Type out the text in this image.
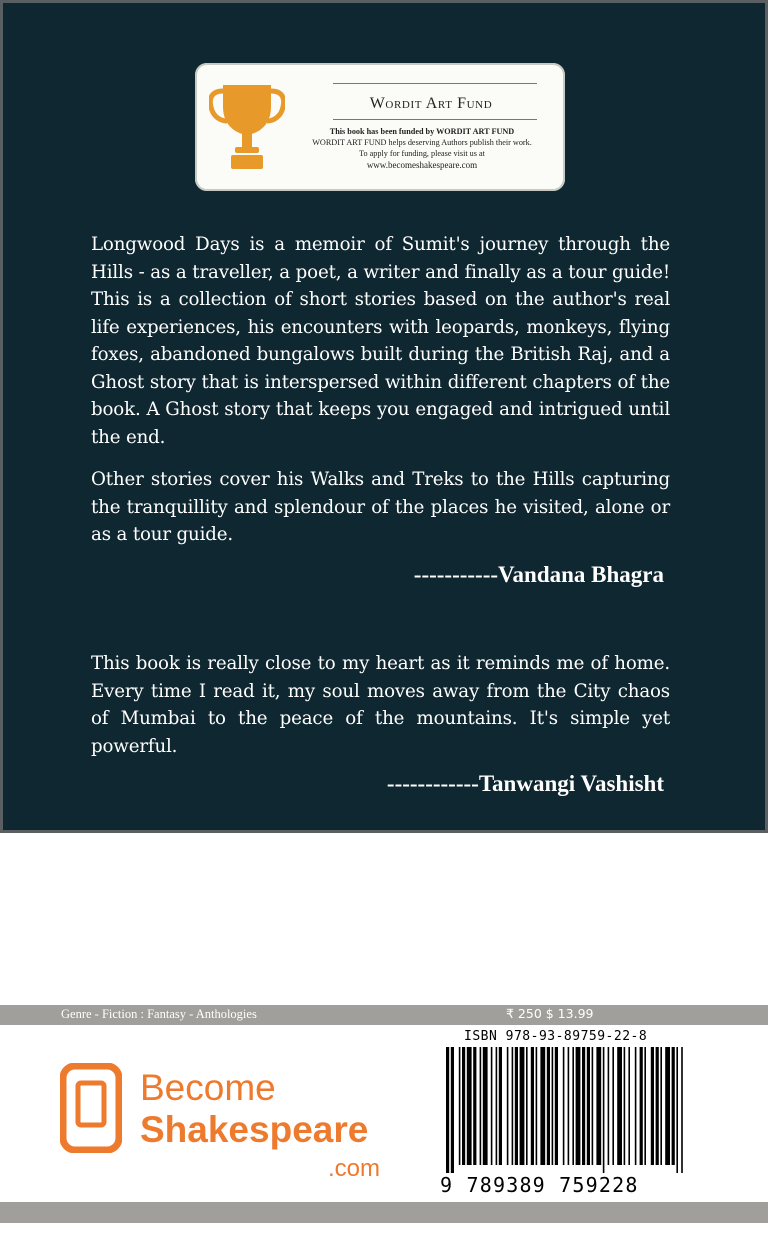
Wordit Art Fund
This book has been funded by WORDIT ART FUND
WORDIT ART FUND helps deserving Authors publish their work.
To apply for funding, please visit us at
www.becomeshakespeare.com

Longwood Days is a memoir of Sumit's journey through the Hills - as a traveller, a poet, a writer and finally as a tour guide! This is a collection of short stories based on the author's real life experiences, his encounters with leopards, monkeys, flying foxes, abandoned bungalows built during the British Raj, and a Ghost story that is interspersed within different chapters of the book. A Ghost story that keeps you engaged and intrigued until the end.

Other stories cover his Walks and Treks to the Hills capturing the tranquillity and splendour of the places he visited, alone or as a tour guide.

-----------Vandana Bhagra

This book is really close to my heart as it reminds me of home. Every time I read it, my soul moves away from the City chaos of Mumbai to the peace of the mountains. It's simple yet powerful.

------------Tanwangi Vashisht
Genre - Fiction : Fantasy - Anthologies	₹ 250 $ 13.99
Become
Shakespeare
.com
ISBN 978-93-89759-22-8
9 789389 759228
